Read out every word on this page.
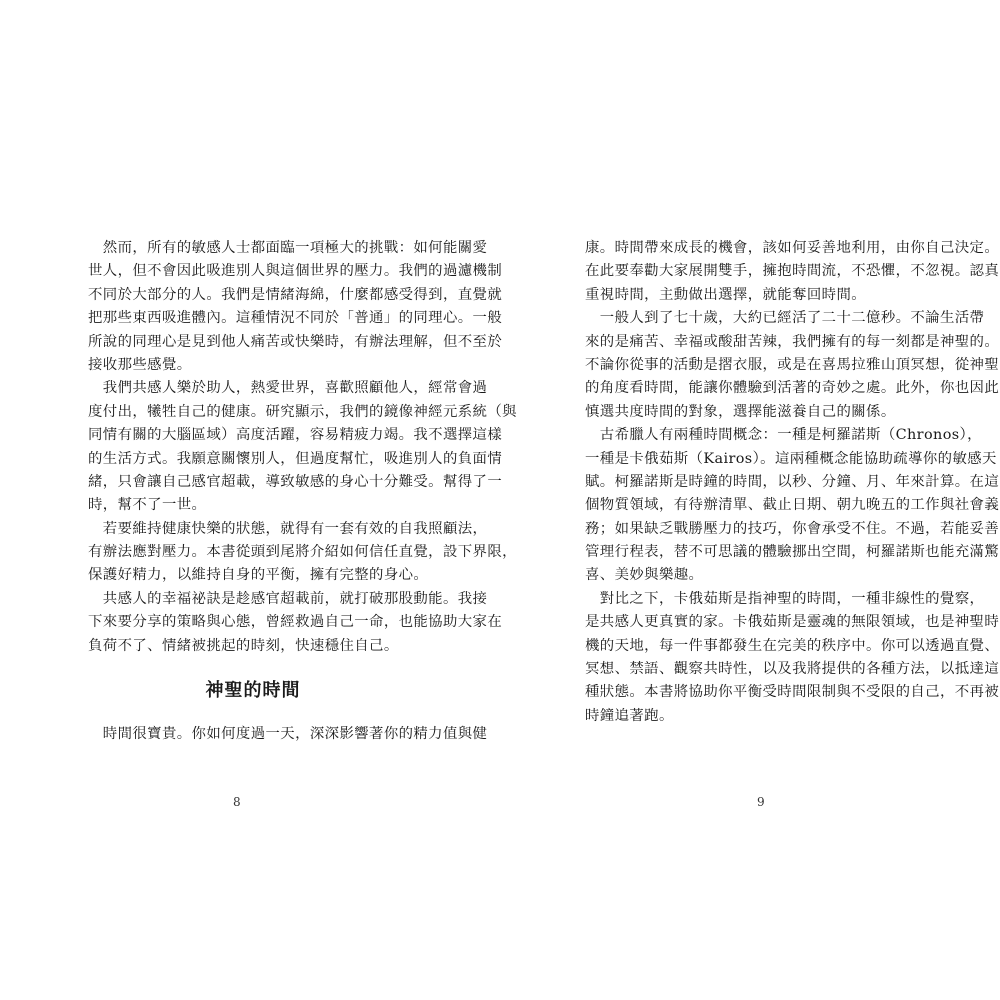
　然而，所有的敏感人士都面臨一項極大的挑戰：如何能關愛
世人，但不會因此吸進別人與這個世界的壓力。我們的過濾機制
不同於大部分的人。我們是情緒海綿，什麼都感受得到，直覺就
把那些東西吸進體內。這種情況不同於「普通」的同理心。一般
所說的同理心是見到他人痛苦或快樂時，有辦法理解，但不至於
接收那些感覺。

　我們共感人樂於助人，熱愛世界，喜歡照顧他人，經常會過
度付出，犧牲自己的健康。研究顯示，我們的鏡像神經元系統（與
同情有關的大腦區域）高度活躍，容易精疲力竭。我不選擇這樣
的生活方式。我願意關懷別人，但過度幫忙，吸進別人的負面情
緒，只會讓自己感官超載，導致敏感的身心十分難受。幫得了一
時，幫不了一世。

　若要維持健康快樂的狀態，就得有一套有效的自我照顧法，
有辦法應對壓力。本書從頭到尾將介紹如何信任直覺，設下界限，
保護好精力，以維持自身的平衡，擁有完整的身心。

　共感人的幸福祕訣是趁感官超載前，就打破那股動能。我接
下來要分享的策略與心態，曾經救過自己一命，也能協助大家在
負荷不了、情緒被挑起的時刻，快速穩住自己。

神聖的時間

　時間很寶貴。你如何度過一天，深深影響著你的精力值與健

8

康。時間帶來成長的機會，該如何妥善地利用，由你自己決定。
在此要奉勸大家展開雙手，擁抱時間流，不恐懼，不忽視。認真
重視時間，主動做出選擇，就能奪回時間。

　一般人到了七十歲，大約已經活了二十二億秒。不論生活帶
來的是痛苦、幸福或酸甜苦辣，我們擁有的每一刻都是神聖的。
不論你從事的活動是摺衣服，或是在喜馬拉雅山頂冥想，從神聖
的角度看時間，能讓你體驗到活著的奇妙之處。此外，你也因此
慎選共度時間的對象，選擇能滋養自己的關係。

　古希臘人有兩種時間概念：一種是柯羅諾斯（Chronos），
一種是卡俄茹斯（Kairos）。這兩種概念能協助疏導你的敏感天
賦。柯羅諾斯是時鐘的時間，以秒、分鐘、月、年來計算。在這
個物質領域，有待辦清單、截止日期、朝九晚五的工作與社會義
務；如果缺乏戰勝壓力的技巧，你會承受不住。不過，若能妥善
管理行程表，替不可思議的體驗挪出空間，柯羅諾斯也能充滿驚
喜、美妙與樂趣。

　對比之下，卡俄茹斯是指神聖的時間，一種非線性的覺察，
是共感人更真實的家。卡俄茹斯是靈魂的無限領域，也是神聖時
機的天地，每一件事都發生在完美的秩序中。你可以透過直覺、
冥想、禁語、觀察共時性，以及我將提供的各種方法，以抵達這
種狀態。本書將協助你平衡受時間限制與不受限的自己，不再被
時鐘追著跑。

9
